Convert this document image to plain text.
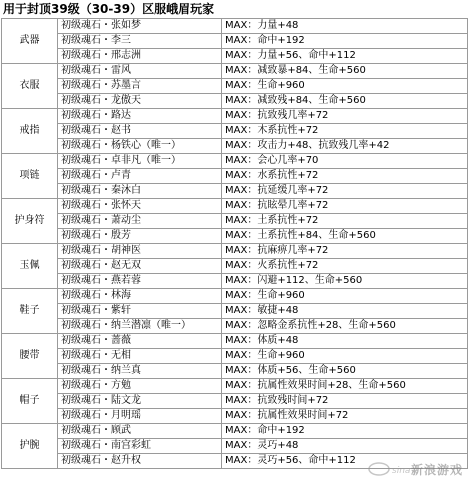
用于封顶39级（30-39）区服峨眉玩家
武器	初级魂石・张如梦	MAX：力量+48
	初级魂石・李三	MAX：命中+192
	初级魂石・邢志洲	MAX：力量+56、命中+112
衣服	初级魂石・雷风	MAX：减致暴+84、生命+560
	初级魂石・苏墨言	MAX：生命+960
	初级魂石・龙傲天	MAX：减致残+84、生命+560
戒指	初级魂石・路达	MAX：抗致残几率+72
	初级魂石・赵书	MAX：木系抗性+72
	初级魂石・杨铁心（唯一）	MAX：攻击力+48、抗致残几率+42
项链	初级魂石・卓非凡（唯一）	MAX：会心几率+70
	初级魂石・卢青	MAX：水系抗性+72
	初级魂石・秦沐白	MAX：抗延缓几率+72
护身符	初级魂石・张怀天	MAX：抗眩晕几率+72
	初级魂石・萧动尘	MAX：土系抗性+72
	初级魂石・殷芳	MAX：土系抗性+84、生命+560
玉佩	初级魂石・胡神医	MAX：抗麻痹几率+72
	初级魂石・赵无双	MAX：火系抗性+72
	初级魂石・燕若蓉	MAX：闪避+112、生命+560
鞋子	初级魂石・林海	MAX：生命+960
	初级魂石・紫轩	MAX：敏捷+48
	初级魂石・纳兰潜凛（唯一）	MAX：忽略金系抗性+28、生命+560
腰带	初级魂石・蔷薇	MAX：体质+48
	初级魂石・无相	MAX：生命+960
	初级魂石・纳兰真	MAX：体质+56、生命+560
帽子	初级魂石・方勉	MAX：抗属性效果时间+28、生命+560
	初级魂石・陆文龙	MAX：抗致残时间+72
	初级魂石・月明瑶	MAX：抗属性效果时间+72
护腕	初级魂石・顾武	MAX：命中+192
	初级魂石・南宫彩虹	MAX：灵巧+48
	初级魂石・赵升权	MAX：灵巧+56、命中+112
sina 新浪游戏
